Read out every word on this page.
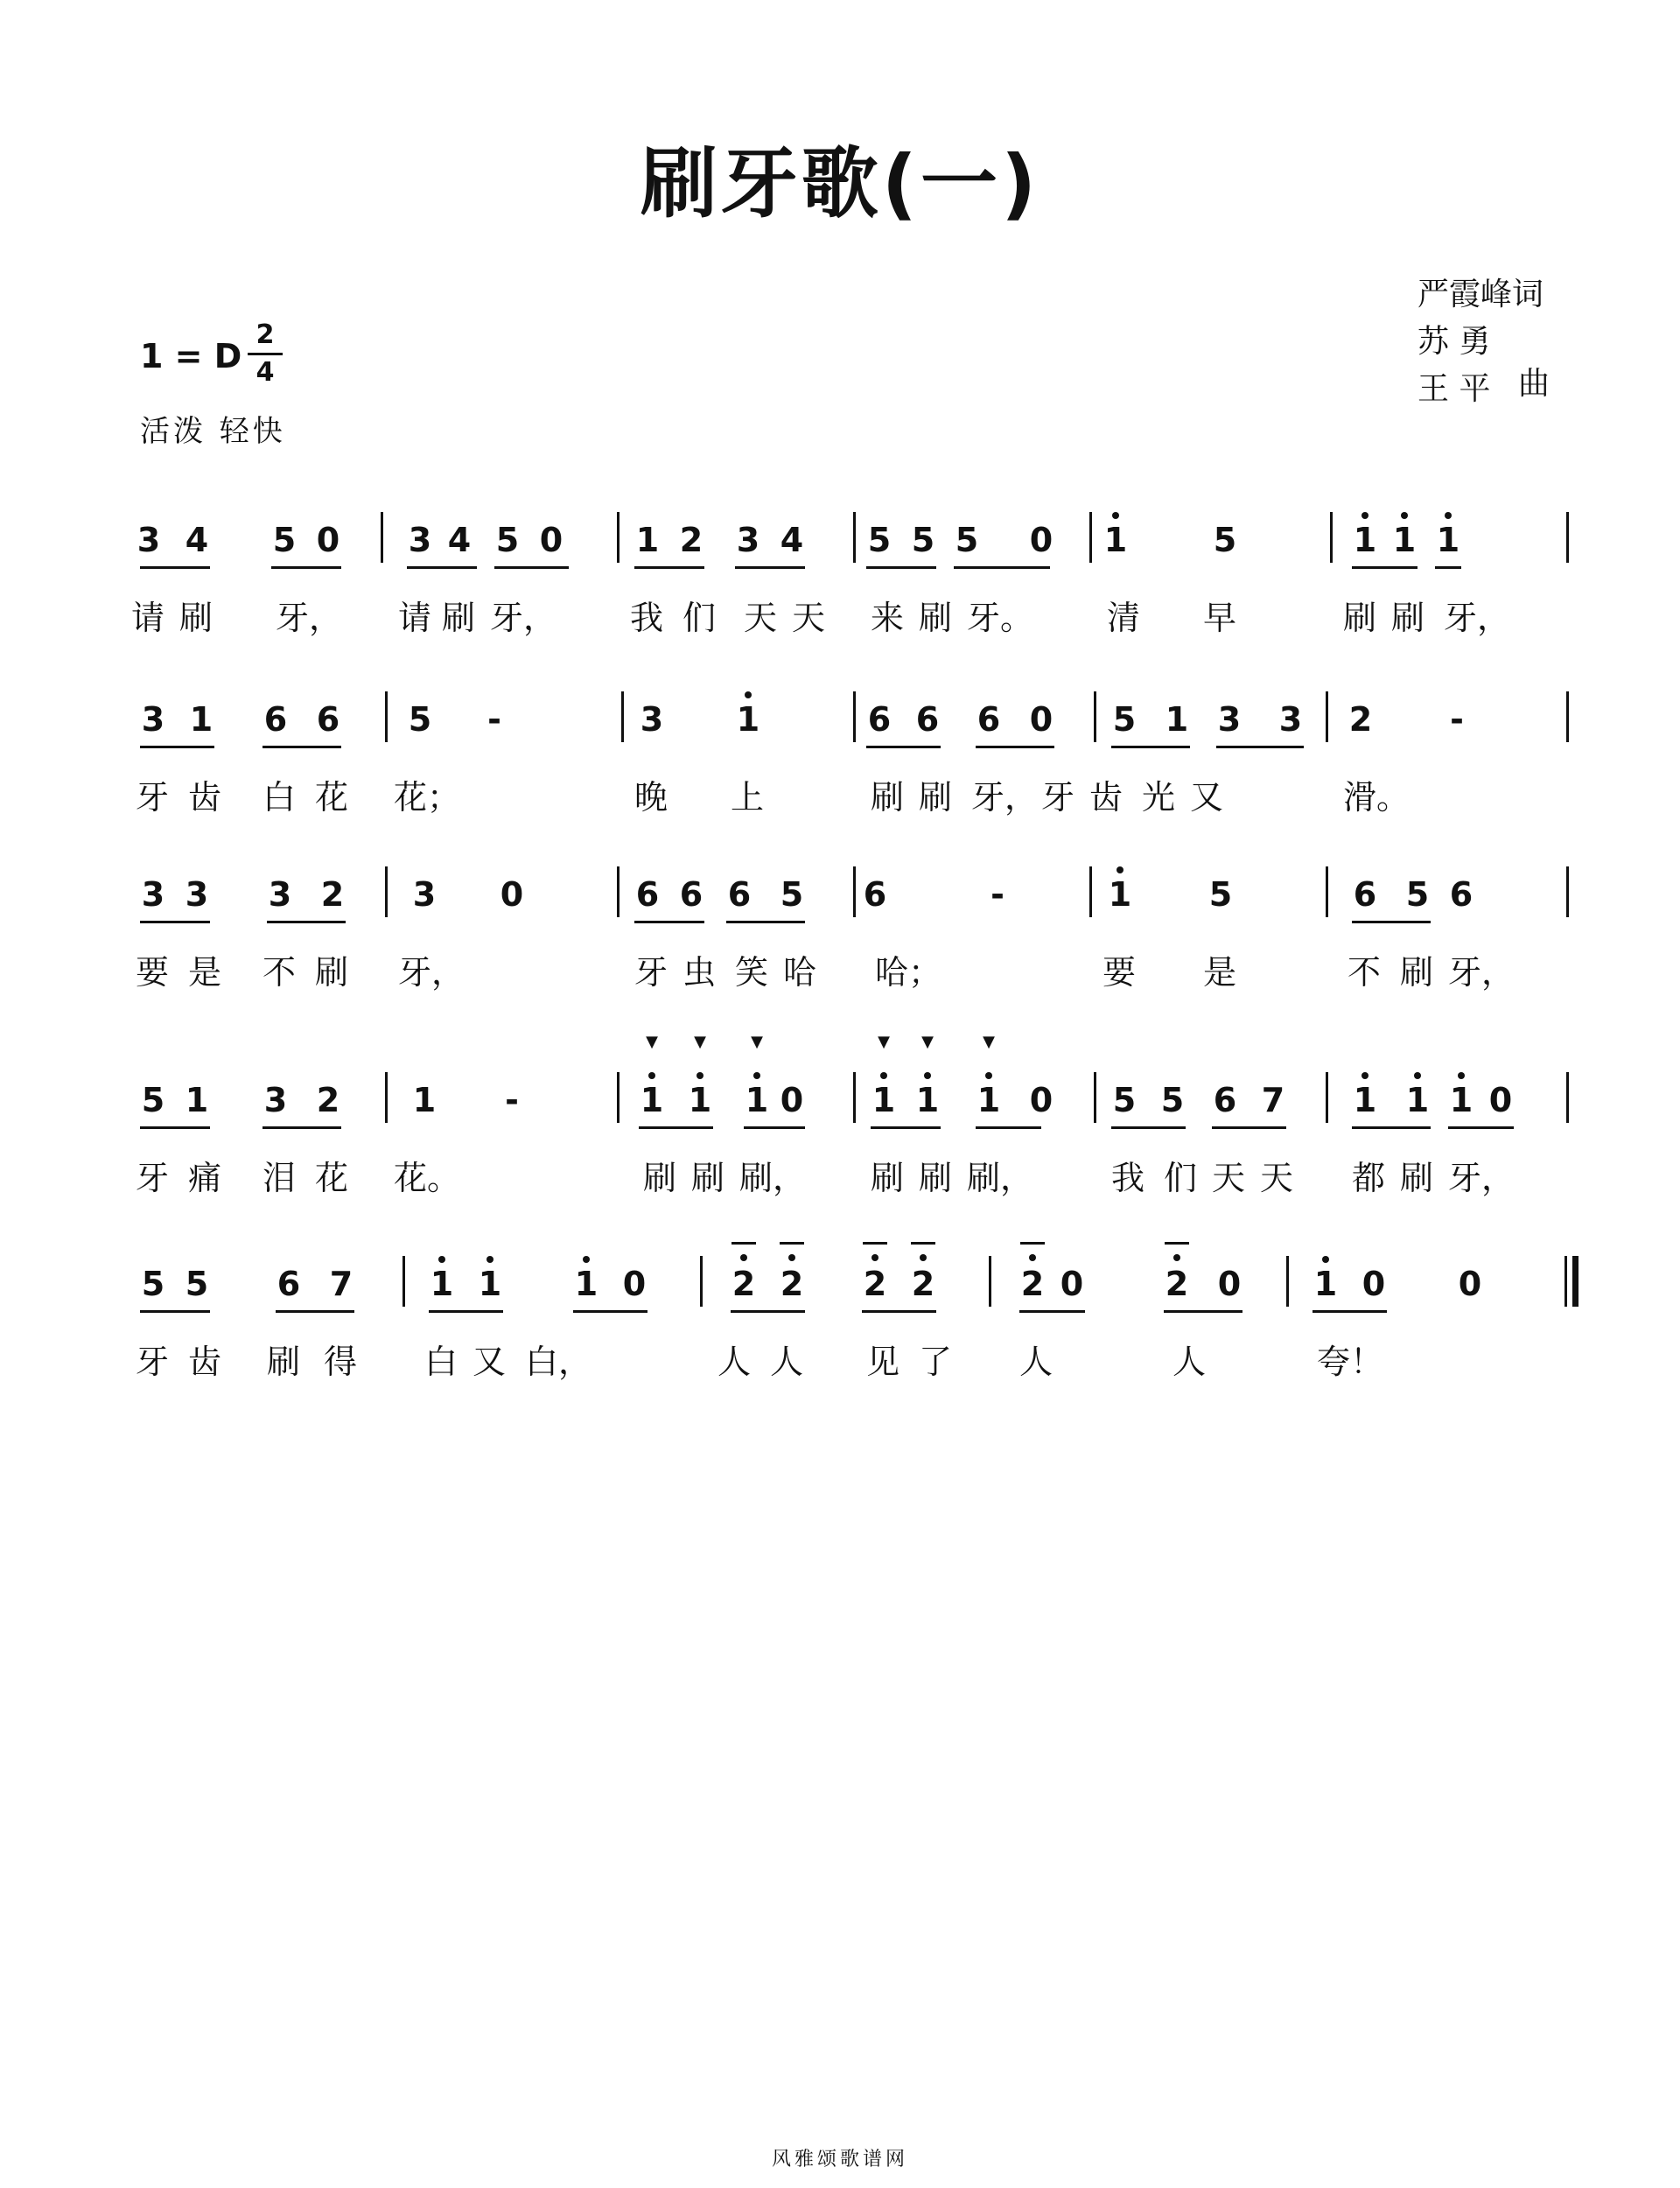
刷牙歌(一)
严霞峰词
苏 勇
王 平 曲
1 = D
2
4
活泼 轻快
3 4 5 0 3 4 5 0 1 2 3 4 5 5 5 0 1	5	1 1 1
请 刷 牙， 请 刷 牙， 我 们 天 天 来 刷 牙。 清 早	刷 刷 牙，
3 1 6 6 5 -	3 1	6 6 6 0 5 1 3 3 2 -
牙 齿 白 花 花；	晚 上	刷 刷 牙， 牙 齿 光 又	滑。
3 3 3 2 3 0	6 6 6 5 6	-	1 5	6 5 6
要 是 不 刷 牙，	牙 虫 笑 哈 哈；	要 是	不 刷 牙，
5 1 3 2 1 -	1
▼
1
▼
1
▼
0 1
▼
1
▼
1
▼
0 5 5 6 7 1 1 1 0
牙 痛 泪 花 花。	刷 刷 刷， 刷 刷 刷， 我 们 天 天 都 刷 牙，
5 5 6 7 1 1 1 0	2 2 2 2	2 0 2 0 1 0 0
牙 齿 刷 得 白 又 白，	人 人 见 了 人	人	夸！
风雅颂歌谱网
